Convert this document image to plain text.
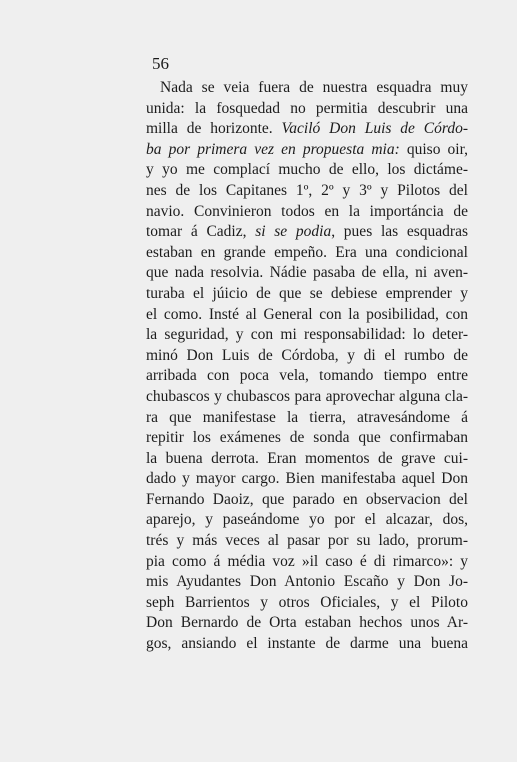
56
Nada se veia fuera de nuestra esquadra muy
unida: la fosquedad no permitia descubrir una
milla de horizonte. Vaciló Don Luis de Córdo-
ba por primera vez en propuesta mia: quiso oir,
y yo me complací mucho de ello, los dictáme-
nes de los Capitanes 1º, 2º y 3º y Pilotos del
navio. Convinieron todos en la importáncia de
tomar á Cadiz, si se podia, pues las esquadras
estaban en grande empeño. Era una condicional
que nada resolvia. Nádie pasaba de ella, ni aven-
turaba el júicio de que se debiese emprender y
el como. Insté al General con la posibilidad, con
la seguridad, y con mi responsabilidad: lo deter-
minó Don Luis de Córdoba, y di el rumbo de
arribada con poca vela, tomando tiempo entre
chubascos y chubascos para aprovechar alguna cla-
ra que manifestase la tierra, atravesándome á
repitir los exámenes de sonda que confirmaban
la buena derrota. Eran momentos de grave cui-
dado y mayor cargo. Bien manifestaba aquel Don
Fernando Daoiz, que parado en observacion del
aparejo, y paseándome yo por el alcazar, dos,
trés y más veces al pasar por su lado, prorum-
pia como á média voz »il caso é di rimarco»: y
mis Ayudantes Don Antonio Escaño y Don Jo-
seph Barrientos y otros Oficiales, y el Piloto
Don Bernardo de Orta estaban hechos unos Ar-
gos, ansiando el instante de darme una buena
